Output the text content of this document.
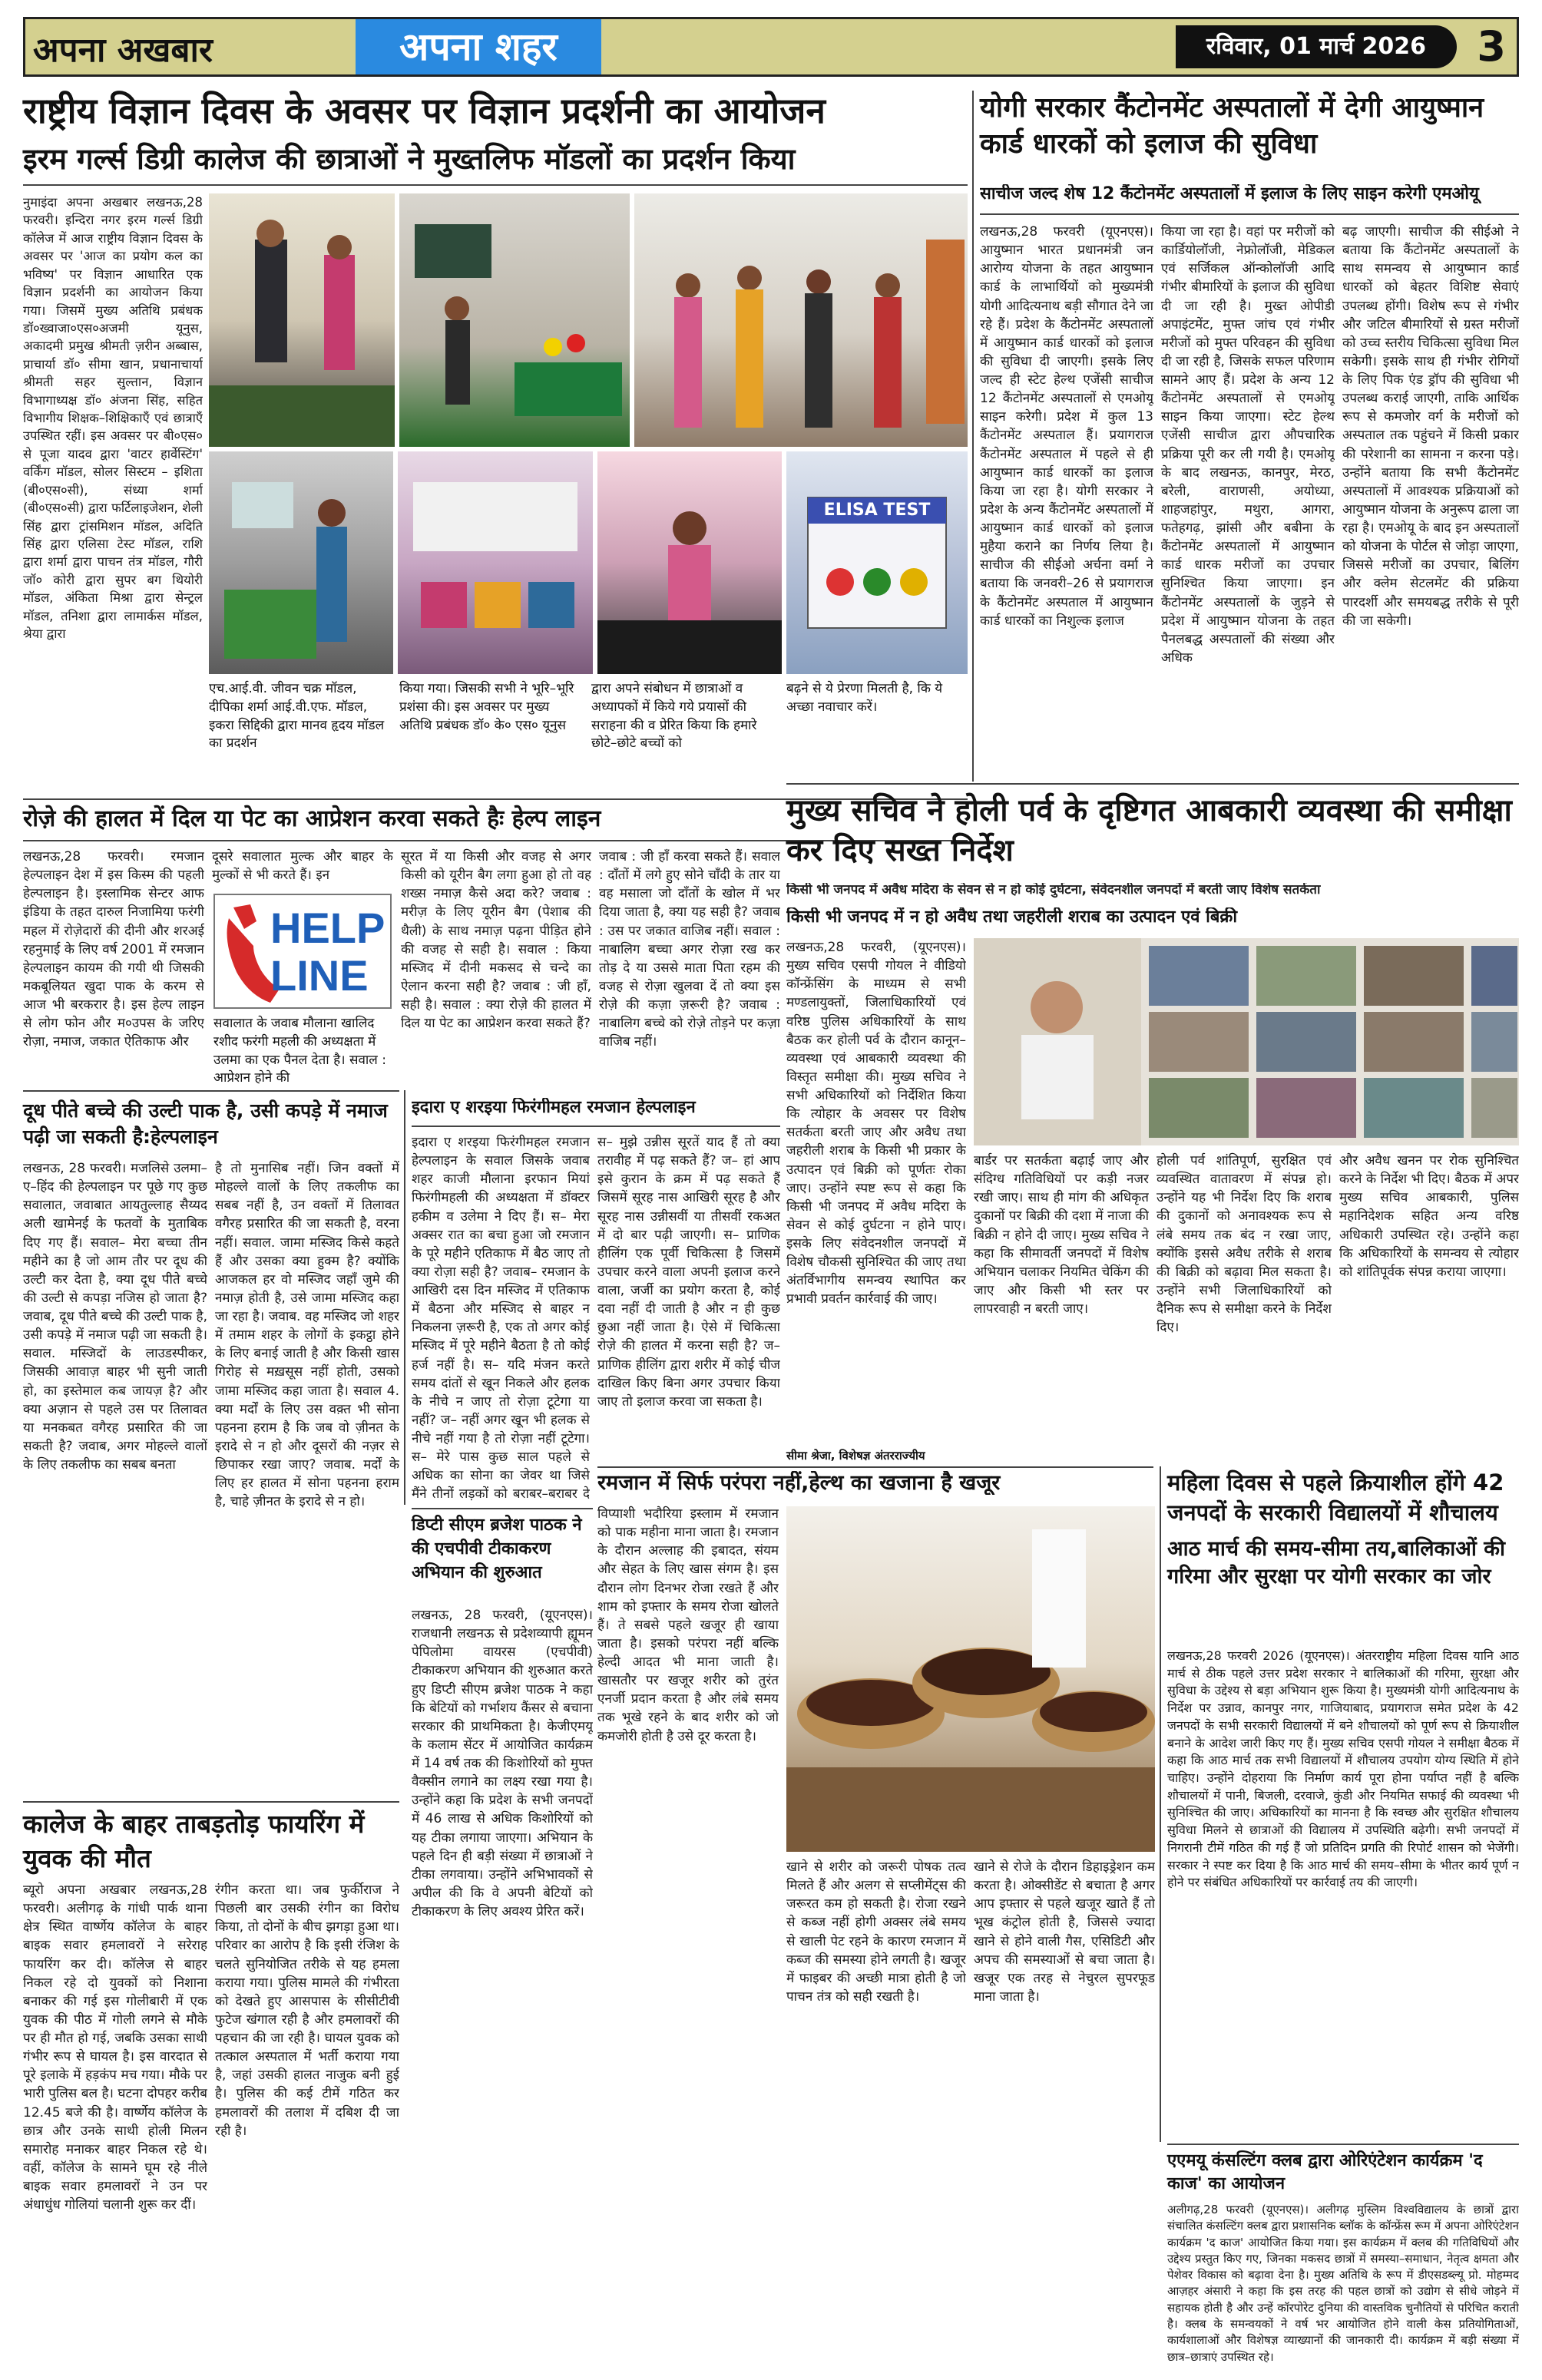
अपना अखबार	अपना शहर	रविवार, 01 मार्च 2026	3
राष्ट्रीय विज्ञान दिवस के अवसर पर विज्ञान प्रदर्शनी का आयोजन
इरम गर्ल्स डिग्री कालेज की छात्राओं ने मुख्तलिफ मॉडलों का प्रदर्शन किया
नुमाइंदा अपना अखबार लखनऊ,28 फरवरी। इन्दिरा नगर इरम गर्ल्स डिग्री कॉलेज में आज राष्ट्रीय विज्ञान दिवस के अवसर पर 'आज का प्रयोग कल का भविष्य' पर विज्ञान आधारित एक विज्ञान प्रदर्शनी का आयोजन किया गया। जिसमें मुख्य अतिथि प्रबंधक डॉ०ख्वाजा०एस०अजमी यूनुस, अकादमी प्रमुख श्रीमती ज़रीन अब्बास, प्राचार्या डॉ० सीमा खान, प्रधानाचार्या श्रीमती सहर सुल्तान, विज्ञान विभागाध्यक्ष डॉ० अंजना सिंह, सहित विभागीय शिक्षक–शिक्षिकाएँ एवं छात्राएँ उपस्थित रहीं। इस अवसर पर बी०एस० से पूजा यादव द्वारा 'वाटर हार्वेस्टिंग' वर्किंग मॉडल, सोलर सिस्टम – इशिता (बी०एस०सी), संध्या शर्मा (बी०एस०सी) द्वारा फर्टिलाइजेशन, शेली सिंह द्वारा ट्रांसमिशन मॉडल, अदिति सिंह द्वारा एलिसा टेस्ट मॉडल, राशि द्वारा शर्मा द्वारा पाचन तंत्र मॉडल, गौरी जॉ० कोरी द्वारा सुपर बग थियोरी मॉडल, अंकिता मिश्रा द्वारा सेन्ट्रल मॉडल, तनिशा द्वारा लामार्कस मॉडल, श्रेया द्वारा
ELISA TEST
एच.आई.वी. जीवन चक्र मॉडल, दीपिका शर्मा आई.वी.एफ. मॉडल, इकरा सिद्दिकी द्वारा मानव हृदय मॉडल का प्रदर्शन
किया गया। जिसकी सभी ने भूरि–भूरि प्रशंसा की। इस अवसर पर मुख्य अतिथि प्रबंधक डॉ० के० एस० यूनुस
द्वारा अपने संबोधन में छात्राओं व अध्यापकों में किये गये प्रयासों की सराहना की व प्रेरित किया कि हमारे छोटे–छोटे बच्चों को
बढ़ने से ये प्रेरणा मिलती है, कि ये अच्छा नवाचार करें।
योगी सरकार कैंटोनमेंट अस्पतालों में देगी आयुष्मान कार्ड धारकों को इलाज की सुविधा
साचीज जल्द शेष 12 कैंटोनमेंट अस्पतालों में इलाज के लिए साइन करेगी एमओयू
लखनऊ,28 फरवरी (यूएनएस)। आयुष्मान भारत प्रधानमंत्री जन आरोग्य योजना के तहत आयुष्मान कार्ड के लाभार्थियों को मुख्यमंत्री योगी आदित्यनाथ बड़ी सौगात देने जा रहे हैं। प्रदेश के कैंटोनमेंट अस्पतालों में आयुष्मान कार्ड धारकों को इलाज की सुविधा दी जाएगी। इसके लिए जल्द ही स्टेट हेल्थ एजेंसी साचीज 12 कैंटोनमेंट अस्पतालों से एमओयू साइन करेगी। प्रदेश में कुल 13 कैंटोनमेंट अस्पताल हैं। प्रयागराज कैंटोनमेंट अस्पताल में पहले से ही आयुष्मान कार्ड धारकों का इलाज किया जा रहा है। योगी सरकार ने प्रदेश के अन्य कैंटोनमेंट अस्पतालों में आयुष्मान कार्ड धारकों को इलाज मुहैया कराने का निर्णय लिया है। साचीज की सीईओ अर्चना वर्मा ने बताया कि जनवरी–26 से प्रयागराज के कैंटोनमेंट अस्पताल में आयुष्मान कार्ड धारकों का निशुल्क इलाज
किया जा रहा है। वहां पर मरीजों को कार्डियोलॉजी, नेफ्रोलॉजी, मेडिकल एवं सर्जिकल ऑन्कोलॉजी आदि गंभीर बीमारियों के इलाज की सुविधा दी जा रही है। मुख्त ओपीडी अपाइंटमेंट, मुफ्त जांच एवं गंभीर मरीजों को मुफ्त परिवहन की सुविधा दी जा रही है, जिसके सफल परिणाम सामने आए हैं। प्रदेश के अन्य 12 कैंटोनमेंट अस्पतालों से एमओयू साइन किया जाएगा। स्टेट हेल्थ एजेंसी साचीज द्वारा औपचारिक प्रक्रिया पूरी कर ली गयी है। एमओयू के बाद लखनऊ, कानपुर, मेरठ, बरेली, वाराणसी, अयोध्या, शाहजहांपुर, मथुरा, आगरा, फतेहगढ़, झांसी और बबीना के कैंटोनमेंट अस्पतालों में आयुष्मान कार्ड धारक मरीजों का उपचार सुनिश्चित किया जाएगा। इन कैंटोनमेंट अस्पतालों के जुड़ने से प्रदेश में आयुष्मान योजना के तहत पैनलबद्ध अस्पतालों की संख्या और अधिक
बढ़ जाएगी। साचीज की सीईओ ने बताया कि कैंटोनमेंट अस्पतालों के साथ समन्वय से आयुष्मान कार्ड धारकों को बेहतर विशिष्ट सेवाएं उपलब्ध होंगी। विशेष रूप से गंभीर और जटिल बीमारियों से ग्रस्त मरीजों को उच्च स्तरीय चिकित्सा सुविधा मिल सकेगी। इसके साथ ही गंभीर रोगियों के लिए पिक एंड ड्रॉप की सुविधा भी उपलब्ध कराई जाएगी, ताकि आर्थिक रूप से कमजोर वर्ग के मरीजों को अस्पताल तक पहुंचने में किसी प्रकार की परेशानी का सामना न करना पड़े। उन्होंने बताया कि सभी कैंटोनमेंट अस्पतालों में आवश्यक प्रक्रियाओं को आयुष्मान योजना के अनुरूप ढाला जा रहा है। एमओयू के बाद इन अस्पतालों को योजना के पोर्टल से जोड़ा जाएगा, जिससे मरीजों का उपचार, बिलिंग और क्लेम सेटलमेंट की प्रक्रिया पारदर्शी और समयबद्ध तरीके से पूरी की जा सकेगी।
रोज़े की हालत में दिल या पेट का आप्रेशन करवा सकते हैः हेल्प लाइन
लखनऊ,28 फरवरी। रमजान हेल्पलाइन देश में इस किस्म की पहली हेल्पलाइन है। इस्लामिक सेन्टर आफ इंडिया के तहत दारुल निजामिया फरंगी महल में रोज़ेदारों की दीनी और शरअई रहनुमाई के लिए वर्ष 2001 में रमजान हेल्पलाइन कायम की गयी थी जिसकी मकबूलियत खुदा पाक के करम से आज भी बरकरार है। इस हेल्प लाइन से लोग फोन और म०उपस के जरिए रोज़ा, नमाज, जकात ऐतिकाफ और
दूसरे सवालात मुल्क और बाहर के मुल्कों से भी करते हैं। इन
HELP LINE
सवालात के जवाब मौलाना खालिद रशीद फरंगी महली की अध्यक्षता में उलमा का एक पैनल देता है। सवाल : आप्रेशन होने की
सूरत में या किसी और वजह से अगर किसी को यूरीन बैग लगा हुआ हो तो वह शख्स नमाज़ कैसे अदा करे? जवाब : मरीज़ के लिए यूरीन बैग (पेशाब की थैली) के साथ नमाज़ पढ़ना पीड़ित होने की वजह से सही है। सवाल : किया मस्जिद में दीनी मकसद से चन्दे का ऐलान करना सही है? जवाब : जी हाँ, सही है। सवाल : क्या रोज़े की हालत में दिल या पेट का आप्रेशन करवा सकते हैं?
जवाब : जी हाँ करवा सकते हैं। सवाल : दाँतों में लगे हुए सोने चाँदी के तार या वह मसाला जो दाँतों के खोल में भर दिया जाता है, क्या यह सही है? जवाब : उस पर जकात वाजिब नहीं। सवाल : नाबालिग बच्चा अगर रोज़ा रख कर तोड़ दे या उससे माता पिता रहम की वजह से रोज़ा खुलवा दें तो क्या इस रोज़े की कज़ा ज़रूरी है? जवाब : नाबालिग बच्चे को रोज़े तोड़ने पर कज़ा वाजिब नहीं।
दूध पीते बच्चे की उल्टी पाक है, उसी कपड़े में नमाज पढ़ी जा सकती है:हेल्पलाइन
लखनऊ, 28 फरवरी। मजलिसे उलमा–ए–हिंद की हेल्पलाइन पर पूछे गए कुछ सवालात, जवाबात आयतुल्लाह सैय्यद अली खामेनई के फतवों के मुताबिक दिए गए हैं। सवाल– मेरा बच्चा तीन महीने का है जो आम तौर पर दूध की उल्टी कर देता है, क्या दूध पीते बच्चे की उल्टी से कपड़ा नजिस हो जाता है? जवाब, दूध पीते बच्चे की उल्टी पाक है, उसी कपड़े में नमाज पढ़ी जा सकती है। सवाल. मस्जिदों के लाउडस्पीकर, जिसकी आवाज़ बाहर भी सुनी जाती हो, का इस्तेमाल कब जायज़ है? और क्या अज़ान से पहले उस पर तिलावत या मनकबत वगैरह प्रसारित की जा सकती है? जवाब, अगर मोहल्ले वालों के लिए तकलीफ का सबब बनता
है तो मुनासिब नहीं। जिन वक्तों में मोहल्ले वालों के लिए तकलीफ का सबब नहीं है, उन वक्तों में तिलावत वगैरह प्रसारित की जा सकती है, वरना नहीं। सवाल. जामा मस्जिद किसे कहते हैं और उसका क्या हुक्म है? क्योंकि आजकल हर वो मस्जिद जहाँ जुमे की नमाज़ होती है, उसे जामा मस्जिद कहा जा रहा है। जवाब. वह मस्जिद जो शहर में तमाम शहर के लोगों के इकट्ठा होने के लिए बनाई जाती है और किसी खास गिरोह से मख़सूस नहीं होती, उसको जामा मस्जिद कहा जाता है। सवाल 4. क्या मर्दों के लिए उस वक़्त भी सोना पहनना हराम है कि जब वो ज़ीनत के इरादे से न हो और दूसरों की नज़र से छिपाकर रखा जाए? जवाब. मर्दों के लिए हर हालत में सोना पहनना हराम है, चाहे ज़ीनत के इरादे से न हो।
इदारा ए शरइया फिरंगीमहल रमजान हेल्पलाइन
इदारा ए शरइया फिरंगीमहल रमजान हेल्पलाइन के सवाल जिसके जवाब शहर काजी मौलाना इरफान मियां फिरंगीमहली की अध्यक्षता में डॉक्टर हकीम व उलेमा ने दिए हैं। स– मेरा अक्सर रात का बचा हुआ जो रमजान के पूरे महीने एतिकाफ में बैठ जाए तो क्या रोज़ा सही है? जवाब– रमजान के आखिरी दस दिन मस्जिद में एतिकाफ में बैठना और मस्जिद से बाहर न निकलना ज़रूरी है, एक तो अगर कोई मस्जिद में पूरे महीने बैठता है तो कोई हर्ज नहीं है। स– यदि मंजन करते समय दांतों से खून निकले और हलक के नीचे न जाए तो रोज़ा टूटेगा या नहीं? ज– नहीं अगर खून भी हलक से नीचे नहीं गया है तो रोज़ा नहीं टूटेगा। स– मेरे पास कुछ साल पहले से अधिक का सोना का जेवर था जिसे मैंने तीनों लड़कों को बराबर–बराबर दे
स– मुझे उन्नीस सूरतें याद हैं तो क्या तरावीह में पढ़ सकते हैं? ज– हां आप इसे कुरान के क्रम में पढ़ सकते हैं जिसमें सूरह नास आखिरी सूरह है और सूरह नास उन्नीसवीं या तीसवीं रकअत में दो बार पढ़ी जाएगी। स– प्राणिक हीलिंग एक पूर्वी चिकित्सा है जिसमें उपचार करने वाला अपनी इलाज करने वाला, जर्जी का प्रयोग करता है, कोई दवा नहीं दी जाती है और न ही कुछ छुआ नहीं जाता है। ऐसे में चिकित्सा रोज़े की हालत में करना सही है? ज– प्राणिक हीलिंग द्वारा शरीर में कोई चीज दाखिल किए बिना अगर उपचार किया जाए तो इलाज करवा जा सकता है।
कालेज के बाहर ताबड़तोड़ फायरिंग में युवक की मौत
ब्यूरो अपना अखबार लखनऊ,28 फरवरी। अलीगढ़ के गांधी पार्क थाना क्षेत्र स्थित वार्ष्णेय कॉलेज के बाहर बाइक सवार हमलावरों ने सरेराह फायरिंग कर दी। कॉलेज से बाहर निकल रहे दो युवकों को निशाना बनाकर की गई इस गोलीबारी में एक युवक की पीठ में गोली लगने से मौके पर ही मौत हो गई, जबकि उसका साथी गंभीर रूप से घायल है। इस वारदात से पूरे इलाके में हड़कंप मच गया। मौके पर भारी पुलिस बल है। घटना दोपहर करीब 12.45 बजे की है। वार्ष्णेय कॉलेज के छात्र और उनके साथी होली मिलन समारोह मनाकर बाहर निकल रहे थे। वहीं, कॉलेज के सामने घूम रहे नीले बाइक सवार हमलावरों ने उन पर अंधाधुंध गोलियां चलानी शुरू कर दीं।
रंगीन करता था। जब फुर्कीराज ने पिछली बार उसकी रंगीन का विरोध किया, तो दोनों के बीच झगड़ा हुआ था। परिवार का आरोप है कि इसी रंजिश के चलते सुनियोजित तरीके से यह हमला कराया गया। पुलिस मामले की गंभीरता को देखते हुए आसपास के सीसीटीवी फुटेज खंगाल रही है और हमलावरों की पहचान की जा रही है। घायल युवक को तत्काल अस्पताल में भर्ती कराया गया है, जहां उसकी हालत नाजुक बनी हुई है। पुलिस की कई टीमें गठित कर हमलावरों की तलाश में दबिश दी जा रही है।
डिप्टी सीएम ब्रजेश पाठक ने की एचपीवी टीकाकरण अभियान की शुरुआत
लखनऊ, 28 फरवरी, (यूएनएस)। राजधानी लखनऊ से प्रदेशव्यापी ह्यूमन पेपिलोमा वायरस (एचपीवी) टीकाकरण अभियान की शुरुआत करते हुए डिप्टी सीएम ब्रजेश पाठक ने कहा कि बेटियों को गर्भाशय कैंसर से बचाना सरकार की प्राथमिकता है। केजीएमयू के कलाम सेंटर में आयोजित कार्यक्रम में 14 वर्ष तक की किशोरियों को मुफ्त वैक्सीन लगाने का लक्ष्य रखा गया है। उन्होंने कहा कि प्रदेश के सभी जनपदों में 46 लाख से अधिक किशोरियों को यह टीका लगाया जाएगा। अभियान के पहले दिन ही बड़ी संख्या में छात्राओं ने टीका लगवाया। उन्होंने अभिभावकों से अपील की कि वे अपनी बेटियों को टीकाकरण के लिए अवश्य प्रेरित करें।
मुख्य सचिव ने होली पर्व के दृष्टिगत आबकारी व्यवस्था की समीक्षा कर दिए सख्त निर्देश
किसी भी जनपद में अवैध मदिरा के सेवन से न हो कोई दुर्घटना, संवेदनशील जनपदों में बरती जाए विशेष सतर्कता
किसी भी जनपद में न हो अवैध तथा जहरीली शराब का उत्पादन एवं बिक्री
लखनऊ,28 फरवरी, (यूएनएस)। मुख्य सचिव एसपी गोयल ने वीडियो कॉन्फ्रेंसिंग के माध्यम से सभी मण्डलायुक्तों, जिलाधिकारियों एवं वरिष्ठ पुलिस अधिकारियों के साथ बैठक कर होली पर्व के दौरान कानून–व्यवस्था एवं आबकारी व्यवस्था की विस्तृत समीक्षा की। मुख्य सचिव ने सभी अधिकारियों को निर्देशित किया कि त्योहार के अवसर पर विशेष सतर्कता बरती जाए और अवैध तथा जहरीली शराब के किसी भी प्रकार के उत्पादन एवं बिक्री को पूर्णतः रोका जाए। उन्होंने स्पष्ट रूप से कहा कि किसी भी जनपद में अवैध मदिरा के सेवन से कोई दुर्घटना न होने पाए। इसके लिए संवेदनशील जनपदों में विशेष चौकसी सुनिश्चित की जाए तथा अंतर्विभागीय समन्वय स्थापित कर प्रभावी प्रवर्तन कार्रवाई की जाए।
बार्डर पर सतर्कता बढ़ाई जाए और संदिग्ध गतिविधियों पर कड़ी नजर रखी जाए। साथ ही मांग की अधिकृत दुकानों पर बिक्री की दशा में नाजा की बिक्री न होने दी जाए। मुख्य सचिव ने कहा कि सीमावर्ती जनपदों में विशेष अभियान चलाकर नियमित चेकिंग की जाए और किसी भी स्तर पर लापरवाही न बरती जाए।
होली पर्व शांतिपूर्ण, सुरक्षित एवं व्यवस्थित वातावरण में संपन्न हो। उन्होंने यह भी निर्देश दिए कि शराब की दुकानों को अनावश्यक रूप से लंबे समय तक बंद न रखा जाए, क्योंकि इससे अवैध तरीके से शराब की बिक्री को बढ़ावा मिल सकता है। उन्होंने सभी जिलाधिकारियों को दैनिक रूप से समीक्षा करने के निर्देश दिए।
और अवैध खनन पर रोक सुनिश्चित करने के निर्देश भी दिए। बैठक में अपर मुख्य सचिव आबकारी, पुलिस महानिदेशक सहित अन्य वरिष्ठ अधिकारी उपस्थित रहे। उन्होंने कहा कि अधिकारियों के समन्वय से त्योहार को शांतिपूर्वक संपन्न कराया जाएगा।
सीमा श्रेजा, विशेषज्ञ अंतरराज्यीय
रमजान में सिर्फ परंपरा नहीं,हेल्थ का खजाना है खजूर
विप्याशी भदौरिया इस्लाम में रमजान को पाक महीना माना जाता है। रमजान के दौरान अल्लाह की इबादत, संयम और सेहत के लिए खास संगम है। इस दौरान लोग दिनभर रोजा रखते हैं और शाम को इफ्तार के समय रोजा खोलते हैं। ते सबसे पहले खजूर ही खाया जाता है। इसको परंपरा नहीं बल्कि हेल्दी आदत भी माना जाती है। खासतौर पर खजूर शरीर को तुरंत एनर्जी प्रदान करता है और लंबे समय तक भूखे रहने के बाद शरीर को जो कमजोरी होती है उसे दूर करता है।
खाने से शरीर को जरूरी पोषक तत्व मिलते हैं और अलग से सप्लीमेंट्स की जरूरत कम हो सकती है। रोजा रखने से कब्ज नहीं होगी अक्सर लंबे समय से खाली पेट रहने के कारण रमजान में कब्ज की समस्या होने लगती है। खजूर में फाइबर की अच्छी मात्रा होती है जो पाचन तंत्र को सही रखती है।
खाने से रोजे के दौरान डिहाइड्रेशन कम करता है। ओक्सीडेंट से बचाता है अगर आप इफ्तार से पहले खजूर खाते हैं तो भूख कंट्रोल होती है, जिससे ज्यादा खाने से होने वाली गैस, एसिडिटी और अपच की समस्याओं से बचा जाता है। खजूर एक तरह से नेचुरल सुपरफूड माना जाता है।
महिला दिवस से पहले क्रियाशील होंगे 42 जनपदों के सरकारी विद्यालयों में शौचालय
आठ मार्च की समय-सीमा तय,बालिकाओं की गरिमा और सुरक्षा पर योगी सरकार का जोर
लखनऊ,28 फरवरी 2026 (यूएनएस)। अंतरराष्ट्रीय महिला दिवस यानि आठ मार्च से ठीक पहले उत्तर प्रदेश सरकार ने बालिकाओं की गरिमा, सुरक्षा और सुविधा के उद्देश्य से बड़ा अभियान शुरू किया है। मुख्यमंत्री योगी आदित्यनाथ के निर्देश पर उन्नाव, कानपुर नगर, गाजियाबाद, प्रयागराज समेत प्रदेश के 42 जनपदों के सभी सरकारी विद्यालयों में बने शौचालयों को पूर्ण रूप से क्रियाशील बनाने के आदेश जारी किए गए हैं। मुख्य सचिव एसपी गोयल ने समीक्षा बैठक में कहा कि आठ मार्च तक सभी विद्यालयों में शौचालय उपयोग योग्य स्थिति में होने चाहिए। उन्होंने दोहराया कि निर्माण कार्य पूरा होना पर्याप्त नहीं है बल्कि शौचालयों में पानी, बिजली, दरवाजे, कुंडी और नियमित सफाई की व्यवस्था भी सुनिश्चित की जाए। अधिकारियों का मानना है कि स्वच्छ और सुरक्षित शौचालय सुविधा मिलने से छात्राओं की विद्यालय में उपस्थिति बढ़ेगी। सभी जनपदों में निगरानी टीमें गठित की गई हैं जो प्रतिदिन प्रगति की रिपोर्ट शासन को भेजेंगी। सरकार ने स्पष्ट कर दिया है कि आठ मार्च की समय–सीमा के भीतर कार्य पूर्ण न होने पर संबंधित अधिकारियों पर कार्रवाई तय की जाएगी।
एएमयू कंसल्टिंग क्लब द्वारा ओरिएंटेशन कार्यक्रम 'द काज' का आयोजन
अलीगढ़,28 फरवरी (यूएनएस)। अलीगढ़ मुस्लिम विश्वविद्यालय के छात्रों द्वारा संचालित कंसल्टिंग क्लब द्वारा प्रशासनिक ब्लॉक के कॉन्फ्रेंस रूम में अपना ओरिएंटेशन कार्यक्रम 'द काज' आयोजित किया गया। इस कार्यक्रम में क्लब की गतिविधियों और उद्देश्य प्रस्तुत किए गए, जिनका मकसद छात्रों में समस्या–समाधान, नेतृत्व क्षमता और पेशेवर विकास को बढ़ावा देना है। मुख्य अतिथि के रूप में डीएसडब्ल्यू प्रो. मोहम्मद आज़हर अंसारी ने कहा कि इस तरह की पहल छात्रों को उद्योग से सीधे जोड़ने में सहायक होती है और उन्हें कॉरपोरेट दुनिया की वास्तविक चुनौतियों से परिचित कराती है। क्लब के समन्वयकों ने वर्ष भर आयोजित होने वाली केस प्रतियोगिताओं, कार्यशालाओं और विशेषज्ञ व्याख्यानों की जानकारी दी। कार्यक्रम में बड़ी संख्या में छात्र–छात्राएं उपस्थित रहे।
